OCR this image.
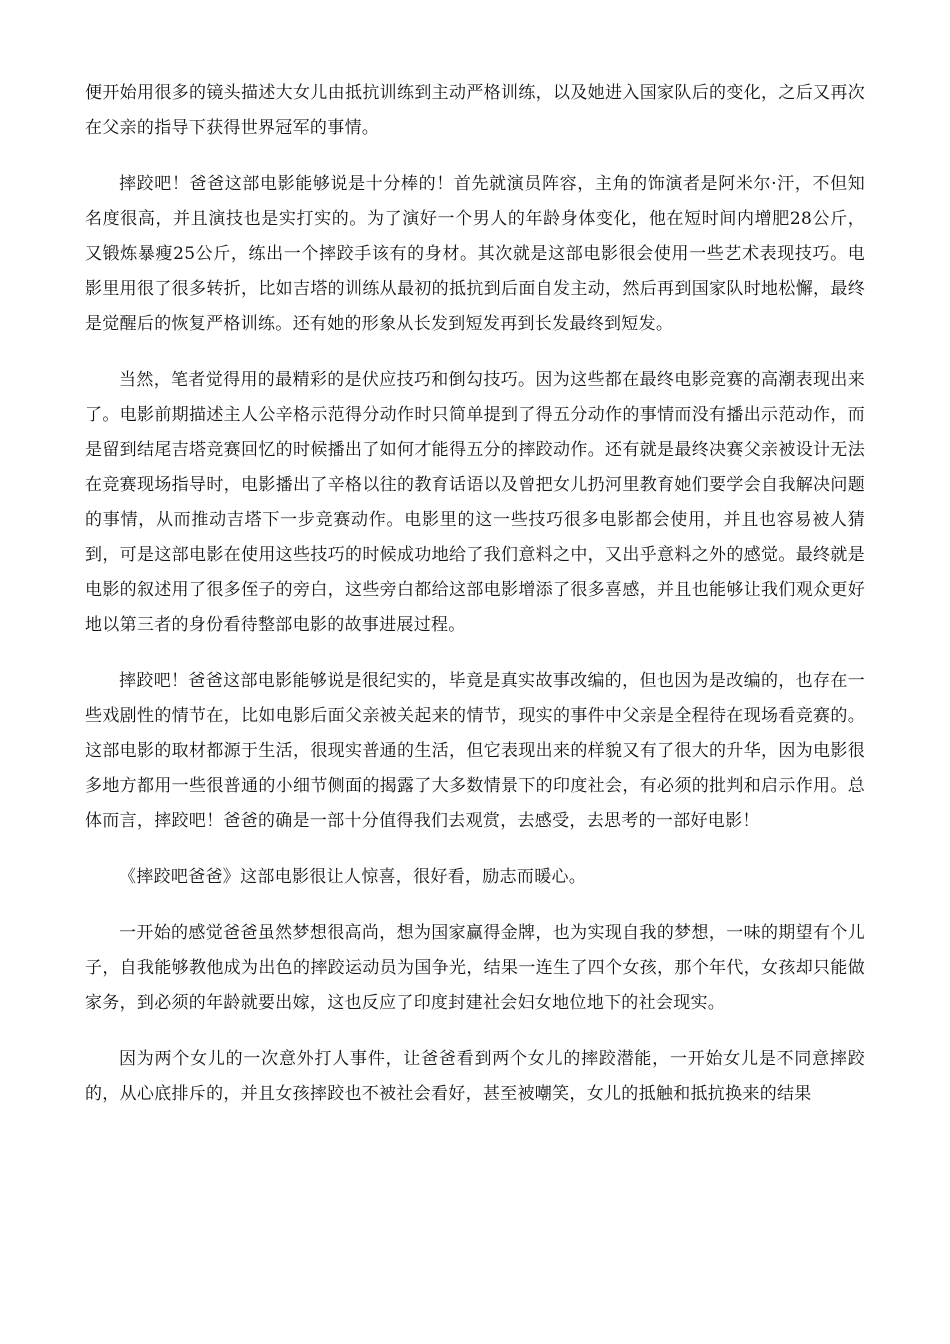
便开始用很多的镜头描述大女儿由抵抗训练到主动严格训练，以及她进入国家队后的变化，之后又再次在父亲的指导下获得世界冠军的事情。

摔跤吧！爸爸这部电影能够说是十分棒的！首先就演员阵容，主角的饰演者是阿米尔·汗，不但知名度很高，并且演技也是实打实的。为了演好一个男人的年龄身体变化，他在短时间内增肥28公斤，又锻炼暴瘦25公斤，练出一个摔跤手该有的身材。其次就是这部电影很会使用一些艺术表现技巧。电影里用很了很多转折，比如吉塔的训练从最初的抵抗到后面自发主动，然后再到国家队时地松懈，最终是觉醒后的恢复严格训练。还有她的形象从长发到短发再到长发最终到短发。

当然，笔者觉得用的最精彩的是伏应技巧和倒勾技巧。因为这些都在最终电影竞赛的高潮表现出来了。电影前期描述主人公辛格示范得分动作时只简单提到了得五分动作的事情而没有播出示范动作，而是留到结尾吉塔竞赛回忆的时候播出了如何才能得五分的摔跤动作。还有就是最终决赛父亲被设计无法在竞赛现场指导时，电影播出了辛格以往的教育话语以及曾把女儿扔河里教育她们要学会自我解决问题的事情，从而推动吉塔下一步竞赛动作。电影里的这一些技巧很多电影都会使用，并且也容易被人猜到，可是这部电影在使用这些技巧的时候成功地给了我们意料之中，又出乎意料之外的感觉。最终就是电影的叙述用了很多侄子的旁白，这些旁白都给这部电影增添了很多喜感，并且也能够让我们观众更好地以第三者的身份看待整部电影的故事进展过程。

摔跤吧！爸爸这部电影能够说是很纪实的，毕竟是真实故事改编的，但也因为是改编的，也存在一些戏剧性的情节在，比如电影后面父亲被关起来的情节，现实的事件中父亲是全程待在现场看竞赛的。这部电影的取材都源于生活，很现实普通的生活，但它表现出来的样貌又有了很大的升华，因为电影很多地方都用一些很普通的小细节侧面的揭露了大多数情景下的印度社会，有必须的批判和启示作用。总体而言，摔跤吧！爸爸的确是一部十分值得我们去观赏，去感受，去思考的一部好电影！

《摔跤吧爸爸》这部电影很让人惊喜，很好看，励志而暖心。

一开始的感觉爸爸虽然梦想很高尚，想为国家赢得金牌，也为实现自我的梦想，一味的期望有个儿子，自我能够教他成为出色的摔跤运动员为国争光，结果一连生了四个女孩，那个年代，女孩却只能做家务，到必须的年龄就要出嫁，这也反应了印度封建社会妇女地位地下的社会现实。

因为两个女儿的一次意外打人事件，让爸爸看到两个女儿的摔跤潜能，一开始女儿是不同意摔跤的，从心底排斥的，并且女孩摔跤也不被社会看好，甚至被嘲笑，女儿的抵触和抵抗换来的结果
